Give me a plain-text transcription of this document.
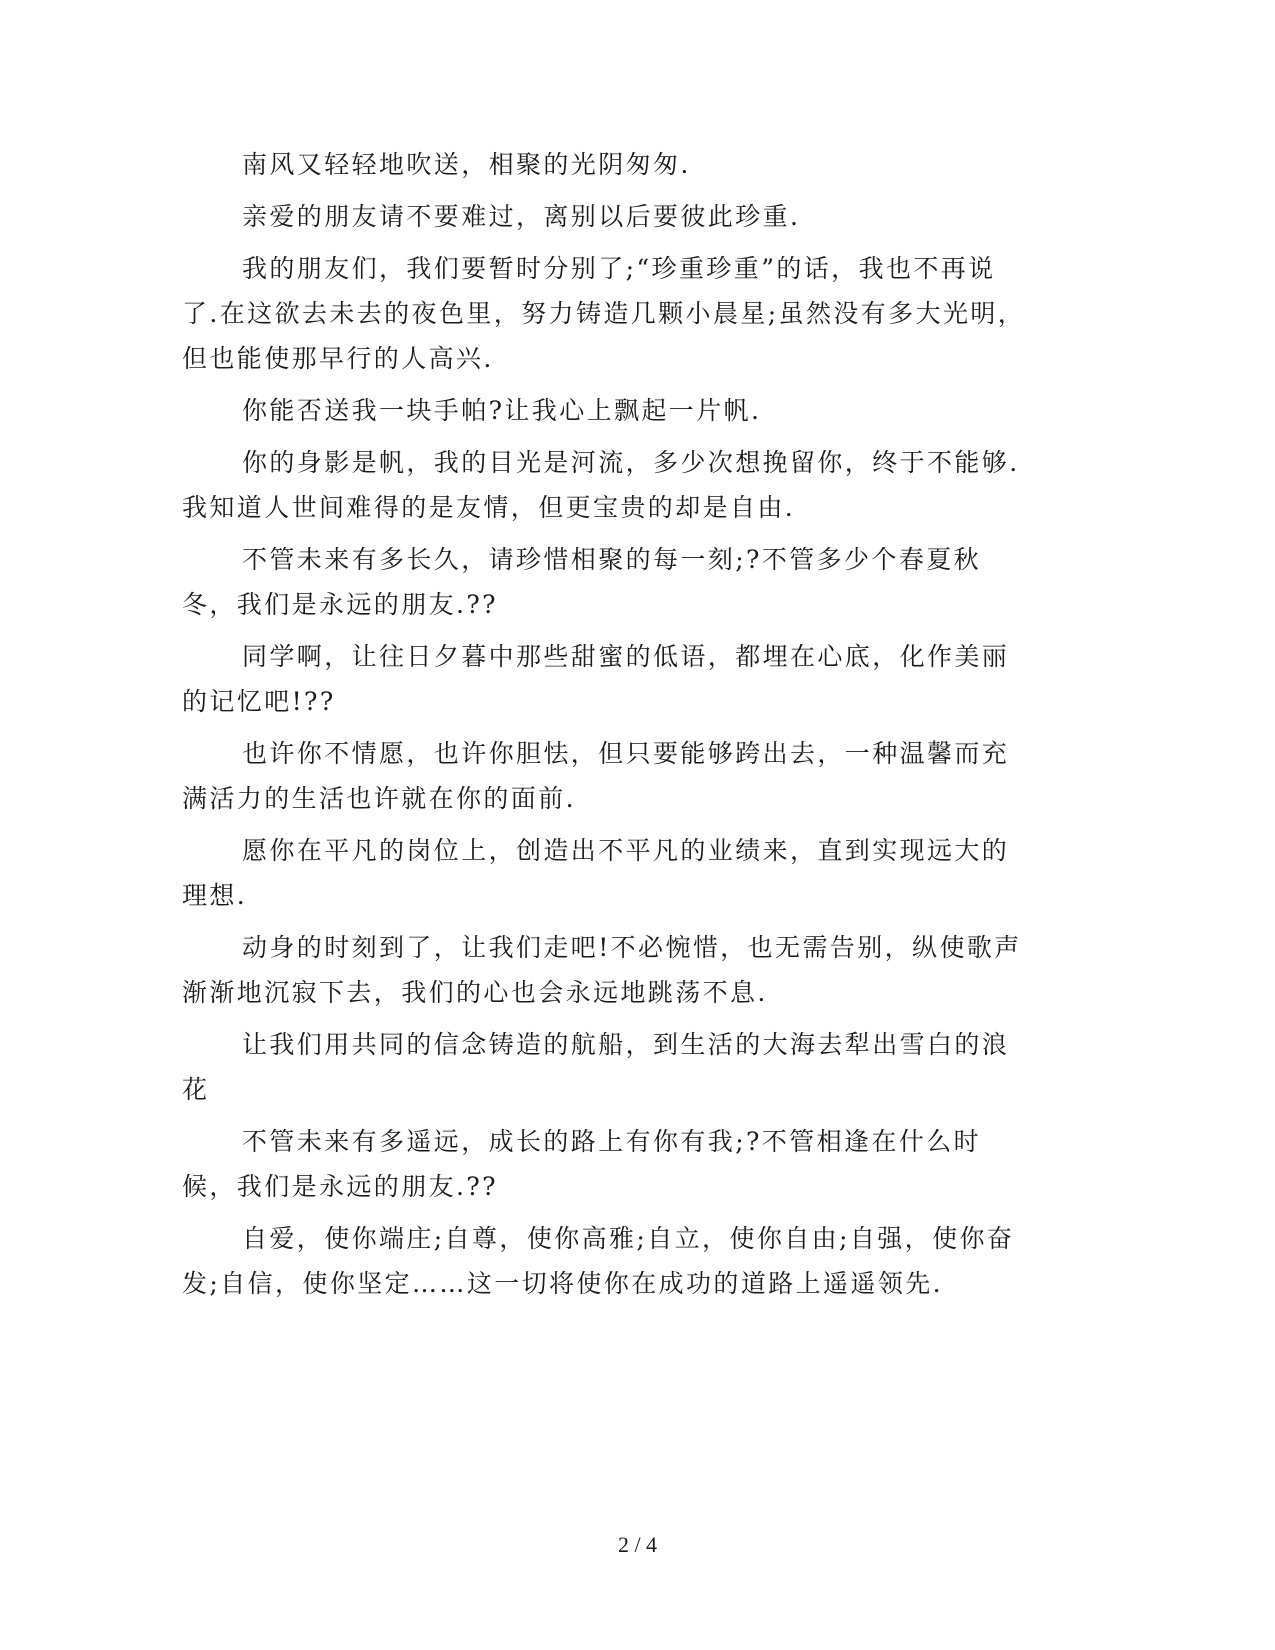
南风又轻轻地吹送，相聚的光阴匆匆.

亲爱的朋友请不要难过，离别以后要彼此珍重.

我的朋友们，我们要暂时分别了;“珍重珍重”的话，我也不再说了.在这欲去未去的夜色里，努力铸造几颗小晨星;虽然没有多大光明，但也能使那早行的人高兴.

你能否送我一块手帕?让我心上飘起一片帆.

你的身影是帆，我的目光是河流，多少次想挽留你，终于不能够.我知道人世间难得的是友情，但更宝贵的却是自由.

不管未来有多长久，请珍惜相聚的每一刻;?不管多少个春夏秋冬，我们是永远的朋友.??

同学啊，让往日夕暮中那些甜蜜的低语，都埋在心底，化作美丽的记忆吧!??

也许你不情愿，也许你胆怯，但只要能够跨出去，一种温馨而充满活力的生活也许就在你的面前.

愿你在平凡的岗位上，创造出不平凡的业绩来，直到实现远大的理想.

动身的时刻到了，让我们走吧!不必惋惜，也无需告别，纵使歌声渐渐地沉寂下去，我们的心也会永远地跳荡不息.

让我们用共同的信念铸造的航船，到生活的大海去犁出雪白的浪花

不管未来有多遥远，成长的路上有你有我;?不管相逢在什么时候，我们是永远的朋友.??

自爱，使你端庄;自尊，使你高雅;自立，使你自由;自强，使你奋发;自信，使你坚定……这一切将使你在成功的道路上遥遥领先.

2 / 4
